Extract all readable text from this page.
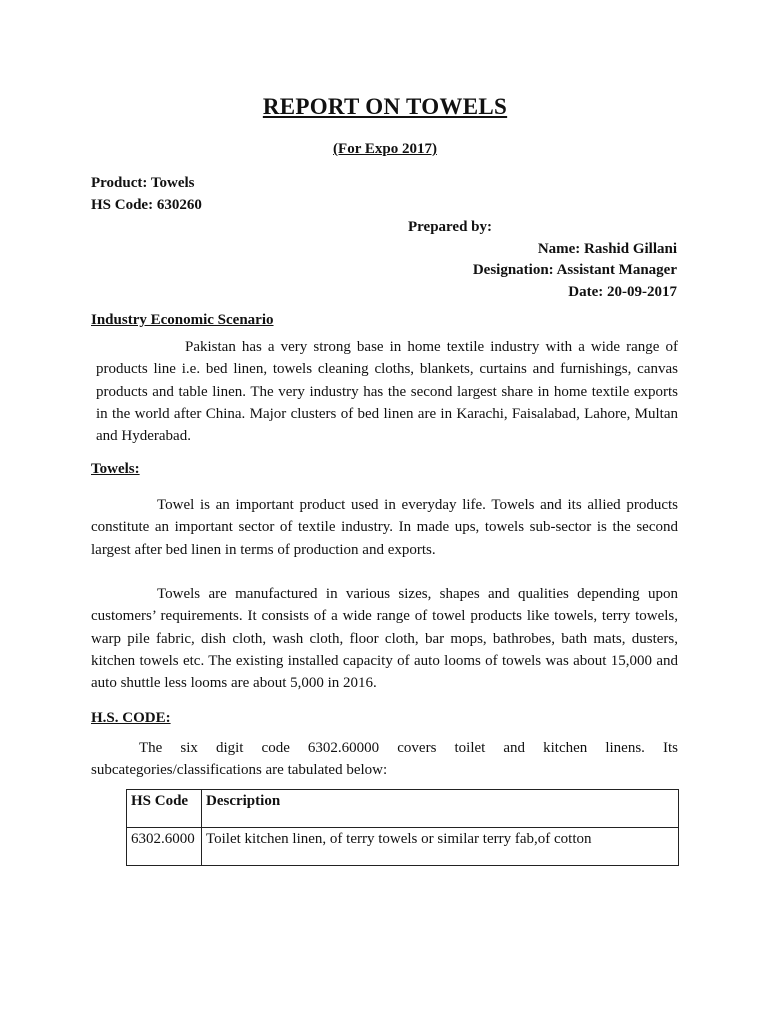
REPORT ON TOWELS
(For Expo 2017)
Product: Towels
HS Code: 630260
Prepared by:
Name: Rashid Gillani
Designation: Assistant Manager
Date: 20-09-2017
Industry Economic Scenario
Pakistan has a very strong base in home textile industry with a wide range of products line i.e. bed linen, towels cleaning cloths, blankets, curtains and furnishings, canvas products and table linen. The very industry has the second largest share in home textile exports in the world after China. Major clusters of bed linen are in Karachi, Faisalabad, Lahore, Multan and Hyderabad.
Towels:
Towel is an important product used in everyday life. Towels and its allied products constitute an important sector of textile industry. In made ups, towels sub-sector is the second largest after bed linen in terms of production and exports.
Towels are manufactured in various sizes, shapes and qualities depending upon customers’ requirements. It consists of a wide range of towel products like towels, terry towels, warp pile fabric, dish cloth, wash cloth, floor cloth, bar mops, bathrobes, bath mats, dusters, kitchen towels etc. The existing installed capacity of auto looms of towels was about 15,000 and auto shuttle less looms are about 5,000 in 2016.
H.S. CODE:
The six digit code 6302.60000 covers toilet and kitchen linens. Its subcategories/classifications are tabulated below:
HS Code	Description
6302.6000	Toilet kitchen linen, of terry towels or similar terry fab,of cotton
